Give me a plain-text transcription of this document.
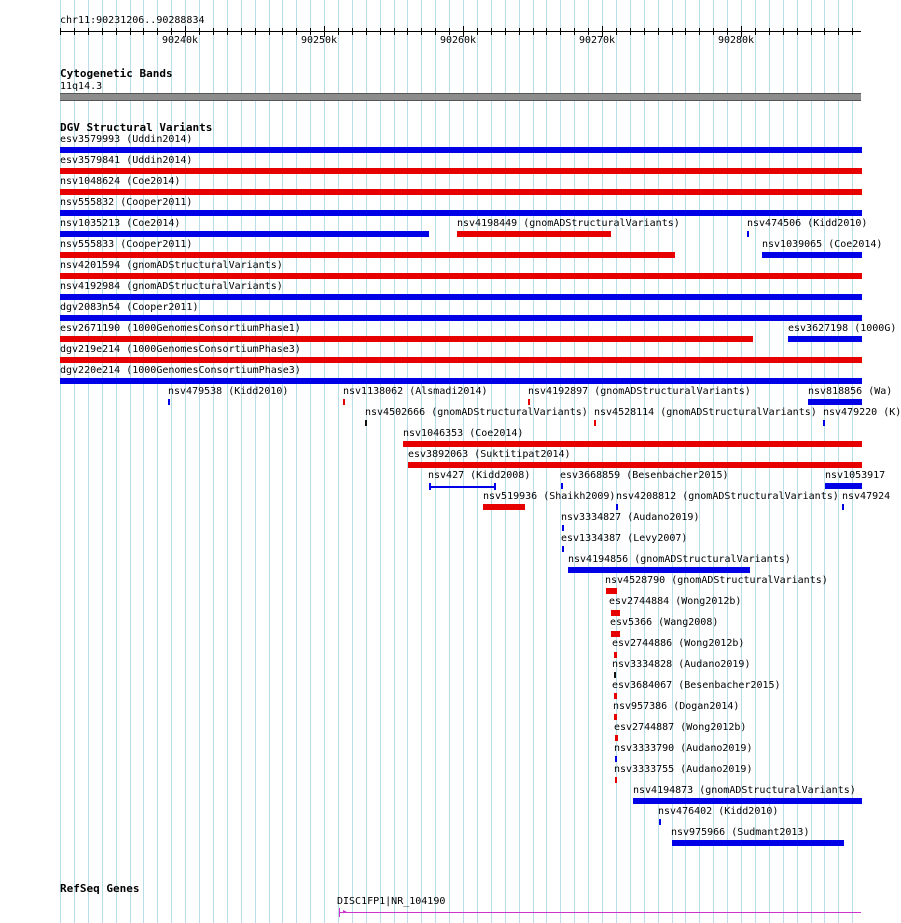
chr11:90231206..90288834
90240k	90250k	90260k	90270k	90280k
Cytogenetic Bands
11q14.3
DGV Structural Variants
esv3579993 (Uddin2014)
esv3579841 (Uddin2014)
nsv1048624 (Coe2014)
nsv555832 (Cooper2011)
nsv1035213 (Coe2014)	nsv4198449 (gnomADStructuralVariants)	nsv474506 (Kidd2010)
nsv555833 (Cooper2011)	nsv1039065 (Coe2014)
nsv4201594 (gnomADStructuralVariants)
nsv4192984 (gnomADStructuralVariants)
dgv2083n54 (Cooper2011)
esv2671190 (1000GenomesConsortiumPhase1)	esv3627198 (1000G)
dgv219e214 (1000GenomesConsortiumPhase3)
dgv220e214 (1000GenomesConsortiumPhase3)
nsv479538 (Kidd2010)	nsv1138062 (Alsmadi2014)	nsv4192897 (gnomADStructuralVariants)	nsv818856 (Wa)
nsv4502666 (gnomADStructuralVariants) nsv4528114 (gnomADStructuralVariants) nsv479220 (K)
nsv1046353 (Coe2014)
esv3892063 (Suktitipat2014)
nsv427 (Kidd2008)	esv3668859 (Besenbacher2015)	nsv1053917
nsv519936 (Shaikh2009) nsv4208812 (gnomADStructuralVariants) nsv47924
nsv3334827 (Audano2019)
esv1334387 (Levy2007)
nsv4194856 (gnomADStructuralVariants)
nsv4528790 (gnomADStructuralVariants)
esv2744884 (Wong2012b)
esv5366 (Wang2008)
esv2744886 (Wong2012b)
nsv3334828 (Audano2019)
esv3684067 (Besenbacher2015)
nsv957386 (Dogan2014)
esv2744887 (Wong2012b)
nsv3333790 (Audano2019)
nsv3333755 (Audano2019)
nsv4194873 (gnomADStructuralVariants)
nsv476402 (Kidd2010)
nsv975966 (Sudmant2013)
RefSeq Genes
DISC1FP1|NR_104190
▸
